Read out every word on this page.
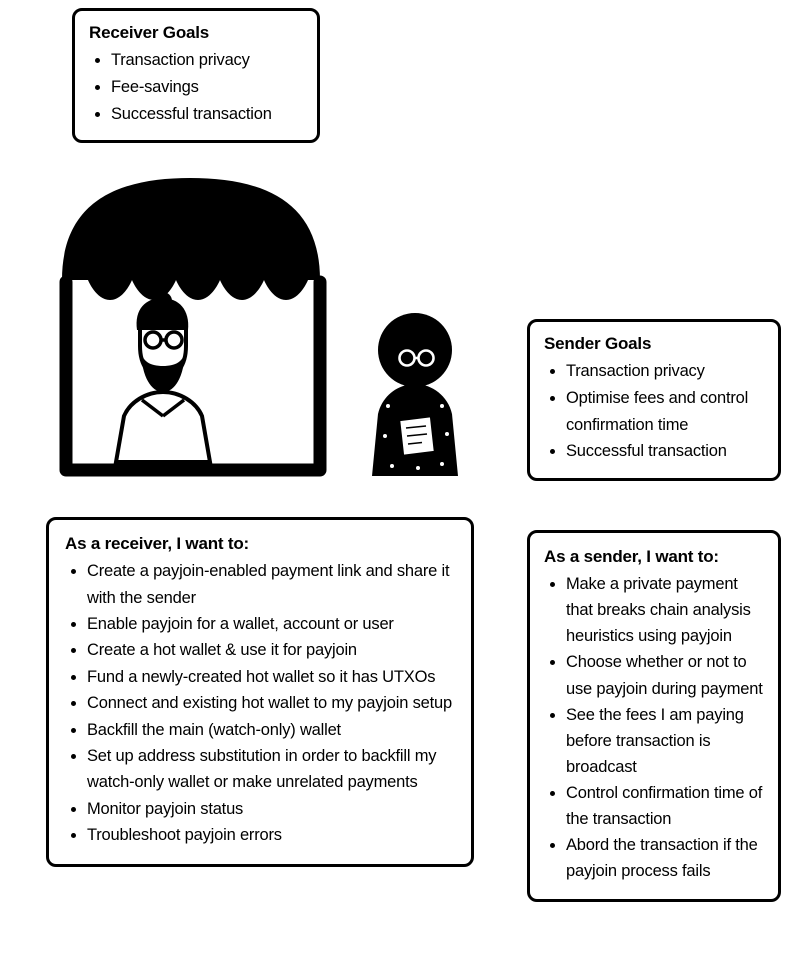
Receiver Goals
• Transaction privacy
• Fee-savings
• Successful transaction
Sender Goals
• Transaction privacy
• Optimise fees and control confirmation time
• Successful transaction
As a receiver, I want to:
• Create a payjoin-enabled payment link and share it with the sender
• Enable payjoin for a wallet, account or user
• Create a hot wallet & use it for payjoin
• Fund a newly-created hot wallet so it has UTXOs
• Connect and existing hot wallet to my payjoin setup
• Backfill the main (watch-only) wallet
• Set up address substitution in order to backfill my watch-only wallet or make unrelated payments
• Monitor payjoin status
• Troubleshoot payjoin errors
As a sender, I want to:
• Make a private payment that breaks chain analysis heuristics using payjoin
• Choose whether or not to use payjoin during payment
• See the fees I am paying before transaction is broadcast
• Control confirmation time of the transaction
• Abord the transaction if the payjoin process fails
